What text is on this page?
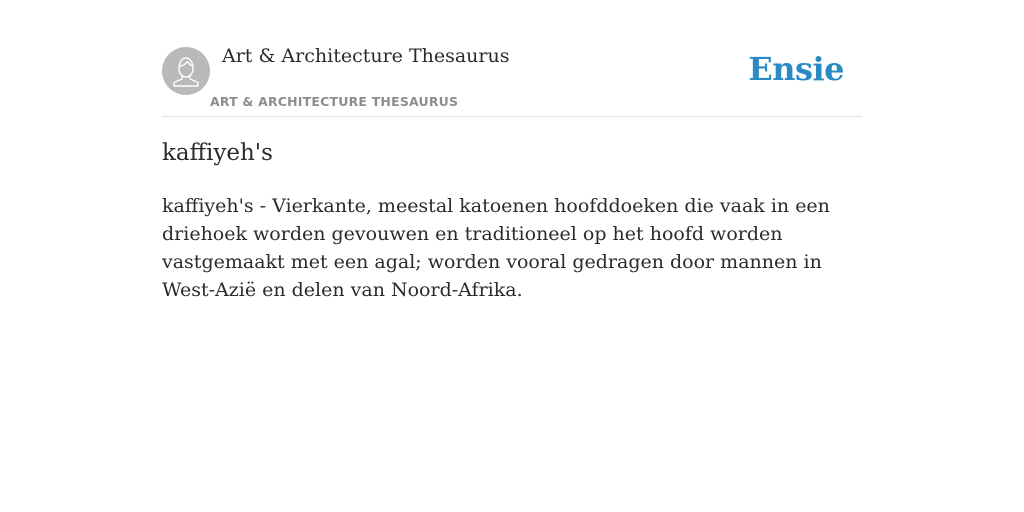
Art & Architecture Thesaurus
ART & ARCHITECTURE THESAURUS
Ensie
kaffiyeh's

kaffiyeh's - Vierkante, meestal katoenen hoofddoeken die vaak in een driehoek worden gevouwen en traditioneel op het hoofd worden vastgemaakt met een agal; worden vooral gedragen door mannen in West-Azië en delen van Noord-Afrika.
